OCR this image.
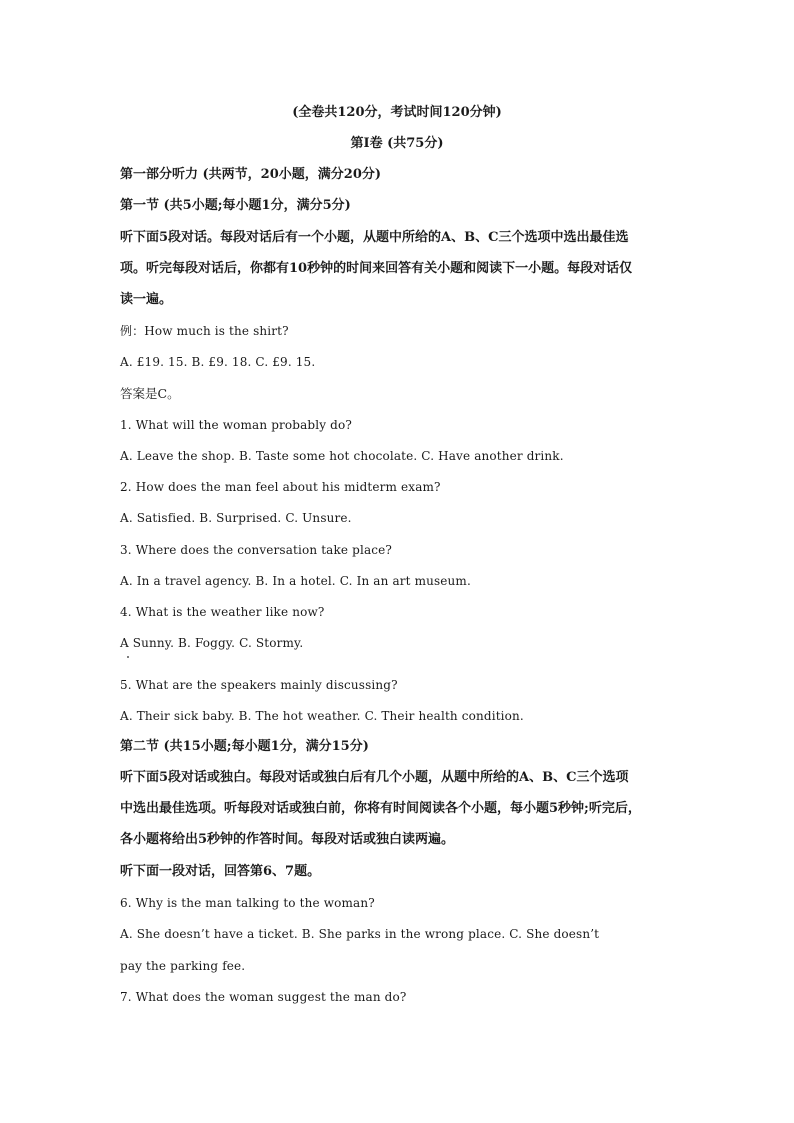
(全卷共120分，考试时间120分钟)
第Ⅰ卷 (共75分)
第一部分听力 (共两节，20小题，满分20分)
第一节 (共5小题;每小题1分，满分5分)
听下面5段对话。每段对话后有一个小题，从题中所给的A、B、C三个选项中选出最佳选
项。听完每段对话后，你都有10秒钟的时间来回答有关小题和阅读下一小题。每段对话仅
读一遍。
例：How much is the shirt?
A. £19. 15. B. £9. 18. C. £9. 15.
答案是C。
1. What will the woman probably do?
A. Leave the shop. B. Taste some hot chocolate. C. Have another drink.
2. How does the man feel about his midterm exam?
A. Satisfied. B. Surprised. C. Unsure.
3. Where does the conversation take place?
A. In a travel agency. B. In a hotel. C. In an art museum.
4. What is the weather like now?
A Sunny. B. Foggy. C. Stormy.
5. What are the speakers mainly discussing?
A. Their sick baby. B. The hot weather. C. Their health condition.
第二节 (共15小题;每小题1分，满分15分)
听下面5段对话或独白。每段对话或独白后有几个小题，从题中所给的A、B、C三个选项
中选出最佳选项。听每段对话或独白前，你将有时间阅读各个小题，每小题5秒钟;听完后，
各小题将给出5秒钟的作答时间。每段对话或独白读两遍。
听下面一段对话，回答第6、7题。
6. Why is the man talking to the woman?
A. She doesn’t have a ticket. B. She parks in the wrong place. C. She doesn’t
pay the parking fee.
7. What does the woman suggest the man do?
